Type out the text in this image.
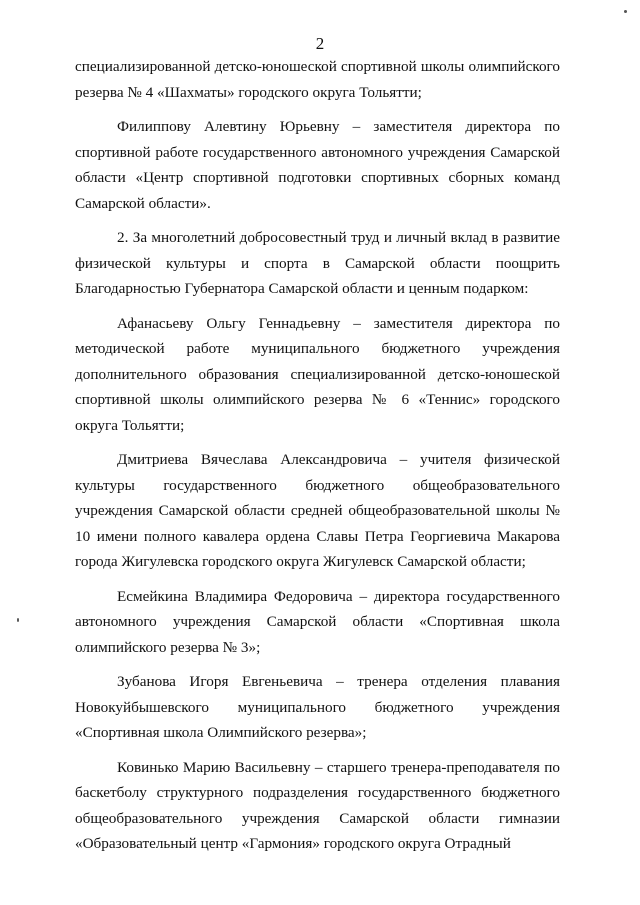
2

специализированной детско-юношеской спортивной школы олимпийского резерва № 4 «Шахматы» городского округа Тольятти;

Филиппову Алевтину Юрьевну – заместителя директора по спортивной работе государственного автономного учреждения Самарской области «Центр спортивной подготовки спортивных сборных команд Самарской области».

2. За многолетний добросовестный труд и личный вклад в развитие физической культуры и спорта в Самарской области поощрить Благодарностью Губернатора Самарской области и ценным подарком:

Афанасьеву Ольгу Геннадьевну – заместителя директора по методической работе муниципального бюджетного учреждения дополнительного образования специализированной детско-юношеской спортивной школы олимпийского резерва № 6 «Теннис» городского округа Тольятти;

Дмитриева Вячеслава Александровича – учителя физической культуры государственного бюджетного общеобразовательного учреждения Самарской области средней общеобразовательной школы № 10 имени полного кавалера ордена Славы Петра Георгиевича Макарова города Жигулевска городского округа Жигулевск Самарской области;

Есмейкина Владимира Федоровича – директора государственного автономного учреждения Самарской области «Спортивная школа олимпийского резерва № 3»;

Зубанова Игоря Евгеньевича – тренера отделения плавания Новокуйбышевского муниципального бюджетного учреждения «Спортивная школа Олимпийского резерва»;

Ковинько Марию Васильевну – старшего тренера-преподавателя по баскетболу структурного подразделения государственного бюджетного общеобразовательного учреждения Самарской области гимназии «Образовательный центр «Гармония» городского округа Отрадный
